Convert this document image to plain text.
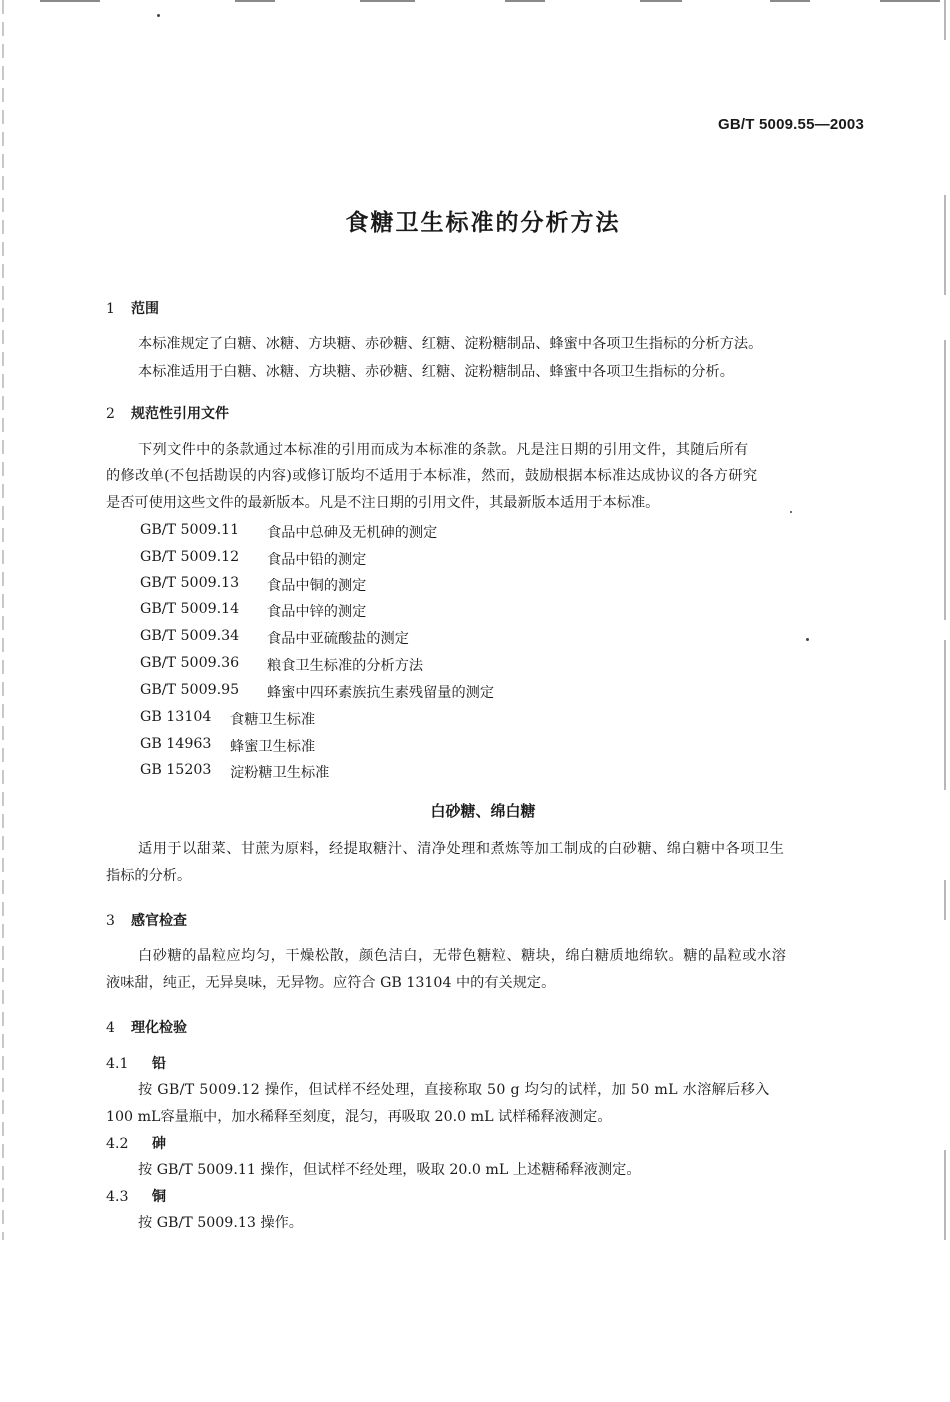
GB/T 5009.55—2003
食糖卫生标准的分析方法
1 范围
本标准规定了白糖、冰糖、方块糖、赤砂糖、红糖、淀粉糖制品、蜂蜜中各项卫生指标的分析方法。
本标准适用于白糖、冰糖、方块糖、赤砂糖、红糖、淀粉糖制品、蜂蜜中各项卫生指标的分析。
2 规范性引用文件
下列文件中的条款通过本标准的引用而成为本标准的条款。凡是注日期的引用文件，其随后所有
的修改单(不包括勘误的内容)或修订版均不适用于本标准，然而，鼓励根据本标准达成协议的各方研究
是否可使用这些文件的最新版本。凡是不注日期的引用文件，其最新版本适用于本标准。
GB/T 5009.11 食品中总砷及无机砷的测定
GB/T 5009.12 食品中铅的测定
GB/T 5009.13 食品中铜的测定
GB/T 5009.14 食品中锌的测定
GB/T 5009.34 食品中亚硫酸盐的测定
GB/T 5009.36 粮食卫生标准的分析方法
GB/T 5009.95 蜂蜜中四环素族抗生素残留量的测定
GB 13104 食糖卫生标准
GB 14963 蜂蜜卫生标准
GB 15203 淀粉糖卫生标准
白砂糖、绵白糖
适用于以甜菜、甘蔗为原料，经提取糖汁、清净处理和煮炼等加工制成的白砂糖、绵白糖中各项卫生
指标的分析。
3 感官检查
白砂糖的晶粒应均匀，干燥松散，颜色洁白，无带色糖粒、糖块，绵白糖质地绵软。糖的晶粒或水溶
液味甜，纯正，无异臭味，无异物。应符合 GB 13104 中的有关规定。
4 理化检验
4.1 铅
按 GB/T 5009.12 操作，但试样不经处理，直接称取 50 g 均匀的试样，加 50 mL 水溶解后移入
100 mL容量瓶中，加水稀释至刻度，混匀，再吸取 20.0 mL 试样稀释液测定。
4.2 砷
按 GB/T 5009.11 操作，但试样不经处理，吸取 20.0 mL 上述糖稀释液测定。
4.3 铜
按 GB/T 5009.13 操作。
